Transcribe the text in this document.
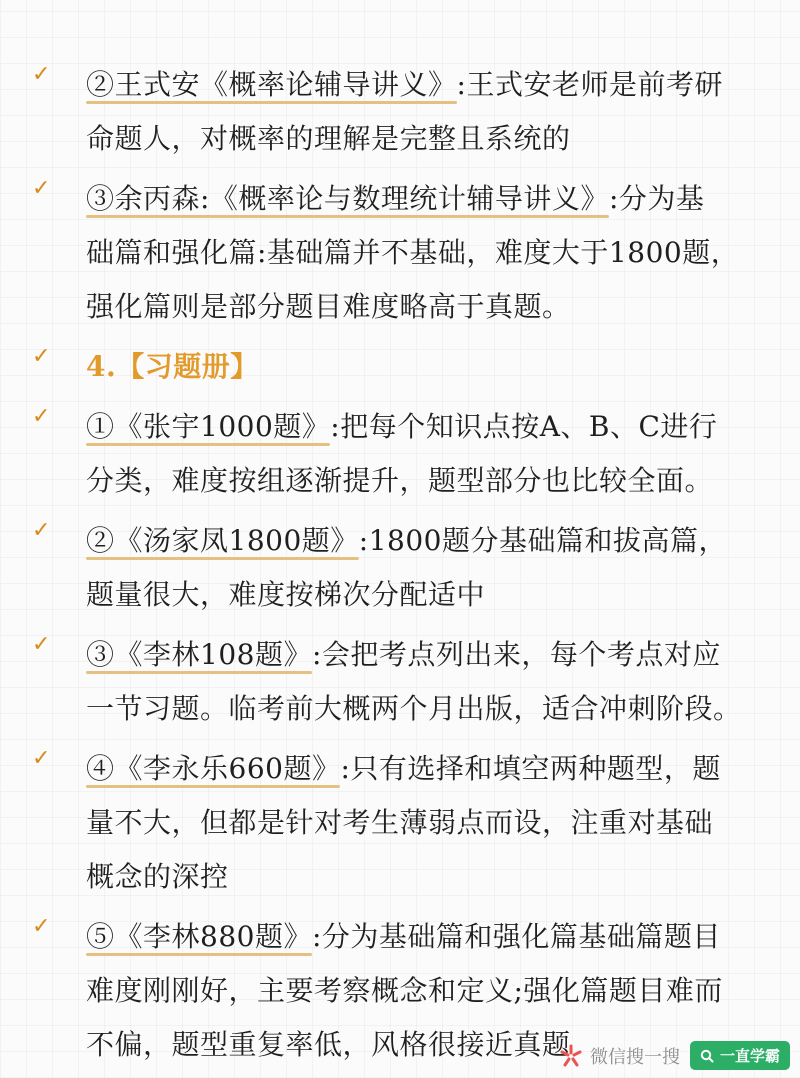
✓ ②王式安《概率论辅导讲义》:王式安老师是前考研
命题人，对概率的理解是完整且系统的
✓ ③余丙森:《概率论与数理统计辅导讲义》:分为基
础篇和强化篇:基础篇并不基础，难度大于1800题，
强化篇则是部分题目难度略高于真题。
✓ 4.【习题册】
✓ ①《张宇1000题》:把每个知识点按A、B、C进行
分类，难度按组逐渐提升，题型部分也比较全面。
✓ ②《汤家凤1800题》:1800题分基础篇和拔高篇，
题量很大，难度按梯次分配适中
✓ ③《李林108题》:会把考点列出来，每个考点对应
一节习题。临考前大概两个月出版，适合冲刺阶段。
✓ ④《李永乐660题》:只有选择和填空两种题型，题
量不大，但都是针对考生薄弱点而设，注重对基础
概念的深控
✓ ⑤《李林880题》:分为基础篇和强化篇基础篇题目
难度刚刚好，主要考察概念和定义;强化篇题目难而
不偏，题型重复率低，风格很接近真题	微信搜一搜	一直学霸
